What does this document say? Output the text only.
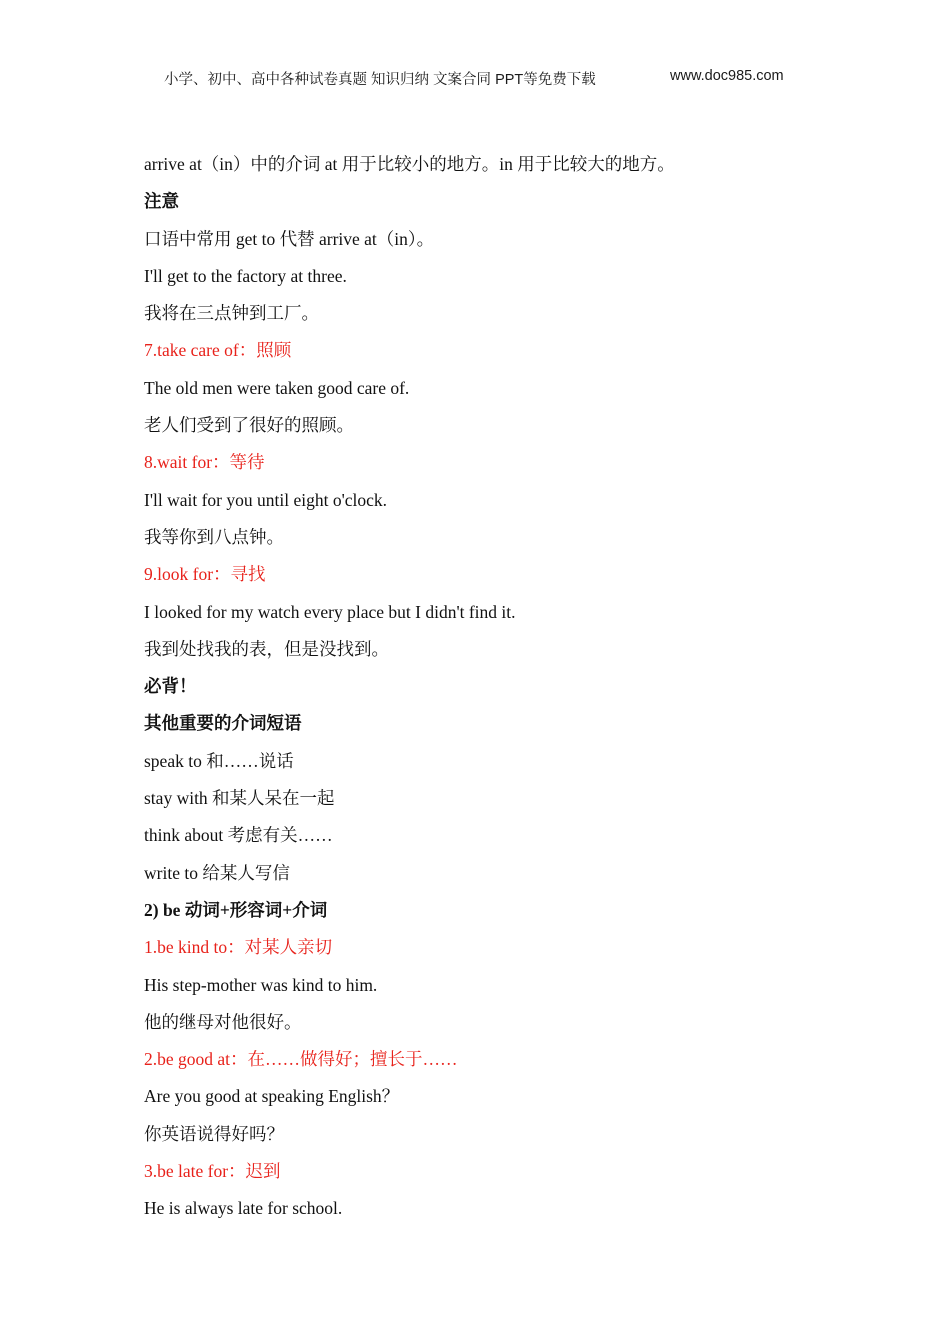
小学、初中、高中各种试卷真题 知识归纳 文案合同 PPT等免费下载	www.doc985.com
arrive at（in）中的介词 at 用于比较小的地方。in 用于比较大的地方。
注意
口语中常用 get to 代替 arrive at（in）。
I'll get to the factory at three.
我将在三点钟到工厂。
7.take care of：照顾
The old men were taken good care of.
老人们受到了很好的照顾。
8.wait for：等待
I'll wait for you until eight o'clock.
我等你到八点钟。
9.look for：寻找
I looked for my watch every place but I didn't find it.
我到处找我的表，但是没找到。
必背！
其他重要的介词短语
speak to 和……说话
stay with 和某人呆在一起
think about 考虑有关……
write to 给某人写信
2) be 动词+形容词+介词
1.be kind to：对某人亲切
His step-mother was kind to him.
他的继母对他很好。
2.be good at：在……做得好；擅长于……
Are you good at speaking English？
你英语说得好吗？
3.be late for：迟到
He is always late for school.
